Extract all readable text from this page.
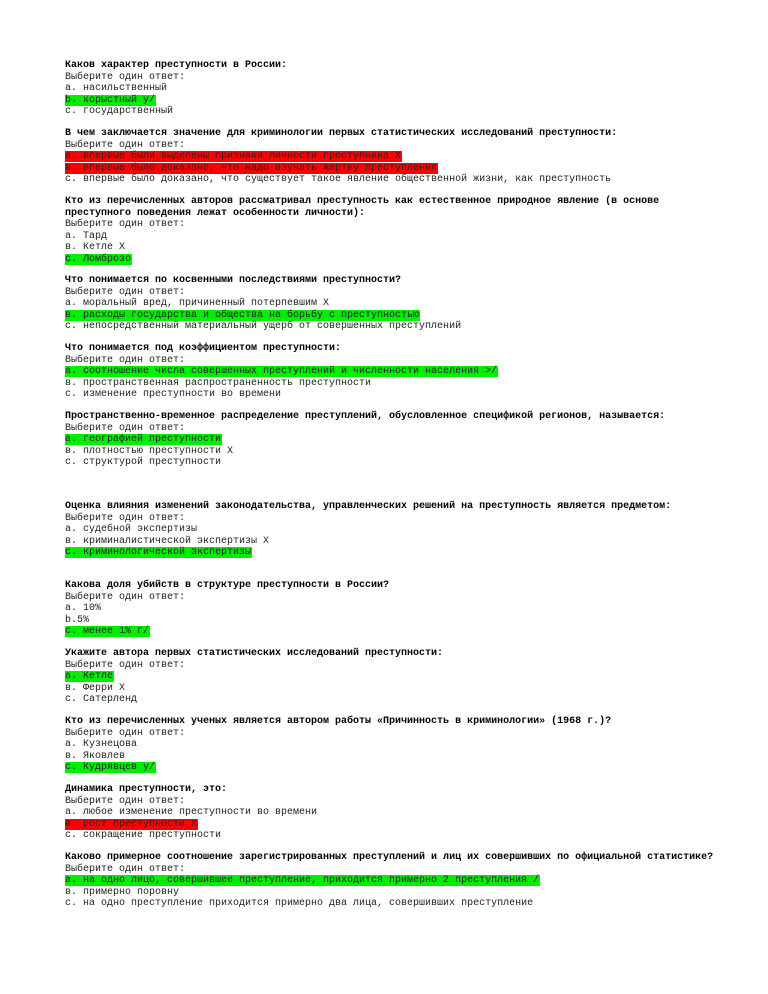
Каков характер преступности в России:

Выберите один ответ:
а. насильственный
b. корыстный у/
с. государственный

В чем заключается значение для криминологии первых статистических исследований преступности:

Выберите один ответ:
а. впервые были выделены признаки личности преступника Х
в. впервые было доказано, что надо изучать жертву преступления
с. впервые было доказано, что существует такое явление общественной жизни, как преступность

Кто из перечисленных авторов рассматривал преступность как естественное природное явление (в основе преступного поведения лежат особенности личности):

Выберите один ответ:
а. Тард
в. Кетле Х
с. Ломброзо

Что понимается по косвенными последствиями преступности?

Выберите один ответ:
а. моральный вред, причиненный потерпевшим Х
в. расходы государства и общества на борьбу с преступностью
с. непосредственный материальный ущерб от совершенных преступлений

Что понимается под коэффициентом преступности:

Выберите один ответ:
а. соотношение числа совершенных преступлений и численности населения >/
в. пространственная распространенность преступности
с. изменение преступности во времени

Пространственно-временное распределение преступлений, обусловленное спецификой регионов, называется:

Выберите один ответ:
а. географией преступности
в. плотностью преступности Х
с. структурой преступности

Оценка влияния изменений законодательства, управленческих решений на преступность является предметом:

Выберите один ответ:
а. судебной экспертизы
в. криминалистической экспертизы Х
с. криминологической экспертизы

Какова доля убийств в структуре преступности в России?

Выберите один ответ:
а. 10%
b.5%
с. менее 1% г/

Укажите автора первых статистических исследований преступности:

Выберите один ответ:
а. Кетле
в. Ферри Х
с. Сатерленд

Кто из перечисленных ученых является автором работы «Причинность в криминологии» (1968 г.)?

Выберите один ответ:
а. Кузнецова
в. Яковлев
с. Кудрявцев у/

Динамика преступности, это:

Выберите один ответ:
а. любое изменение преступности во времени
в. рост преступности Х
с. сокращение преступности

Каково примерное соотношение зарегистрированных преступлений и лиц их совершивших по официальной статистике?

Выберите один ответ:
а. на одно лицо, совершившее преступление, приходится примерно 2 преступления /
в. примерно поровну
с. на одно преступление приходится примерно два лица, совершивших преступление
